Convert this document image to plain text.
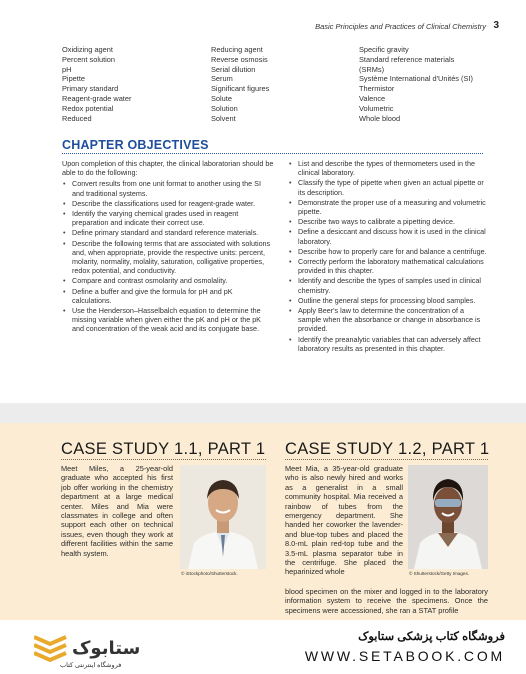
Basic Principles and Practices of Clinical Chemistry 3
Oxidizing agent
Percent solution
pH
Pipette
Primary standard
Reagent-grade water
Redox potential
Reduced
Reducing agent
Reverse osmosis
Serial dilution
Serum
Significant figures
Solute
Solution
Solvent
Specific gravity
Standard reference materials
(SRMs)
Système International d'Unités (SI)
Thermistor
Valence
Volumetric
Whole blood
CHAPTER OBJECTIVES

Upon completion of this chapter, the clinical laboratorian should be able to do the following:

• Convert results from one unit format to another using the SI and traditional systems.
• Describe the classifications used for reagent-grade water.
• Identify the varying chemical grades used in reagent preparation and indicate their correct use.
• Define primary standard and standard reference materials.
• Describe the following terms that are associated with solutions and, when appropriate, provide the respective units: percent, molarity, normality, molality, saturation, colligative properties, redox potential, and conductivity.
• Compare and contrast osmolarity and osmolality.
• Define a buffer and give the formula for pH and pK calculations.
• Use the Henderson–Hasselbalch equation to determine the missing variable when given either the pK and pH or the pK and concentration of the weak acid and its conjugate base.
• List and describe the types of thermometers used in the clinical laboratory.
• Classify the type of pipette when given an actual pipette or its description.
• Demonstrate the proper use of a measuring and volumetric pipette.
• Describe two ways to calibrate a pipetting device.
• Define a desiccant and discuss how it is used in the clinical laboratory.
• Describe how to properly care for and balance a centrifuge.
• Correctly perform the laboratory mathematical calculations provided in this chapter.
• Identify and describe the types of samples used in clinical chemistry.
• Outline the general steps for processing blood samples.
• Apply Beer's law to determine the concentration of a sample when the absorbance or change in absorbance is provided.
• Identify the preanalytic variables that can adversely affect laboratory results as presented in this chapter.
CASE STUDY 1.1, PART 1
Meet Miles, a 25-year-old graduate who accepted his first job offer working in the chemistry department at a large medical center. Miles and Mia were classmates in college and often support each other on technical issues, even though they work at different facilities within the same health system.
© iStockphoto/Shutterstock.
CASE STUDY 1.2, PART 1
Meet Mia, a 35-year-old graduate who is also newly hired and works as a generalist in a small community hospital. Mia received a rainbow of tubes from the emergency department. She handed her coworker the lavender- and blue-top tubes and placed the 8.0-mL plain red-top tube and the 3.5-mL plasma separator tube in the centrifuge. She placed the heparinized whole	© Shutterstock/Getty Images.
blood specimen on the mixer and logged in to the laboratory information system to receive the specimens. Once the specimens were accessioned, she ran a STAT profile
ستابوک
فروشگاه اینترنتی کتاب
فروشگاه کتاب پزشکی ستابوک
WWW.SETABOOK.COM
